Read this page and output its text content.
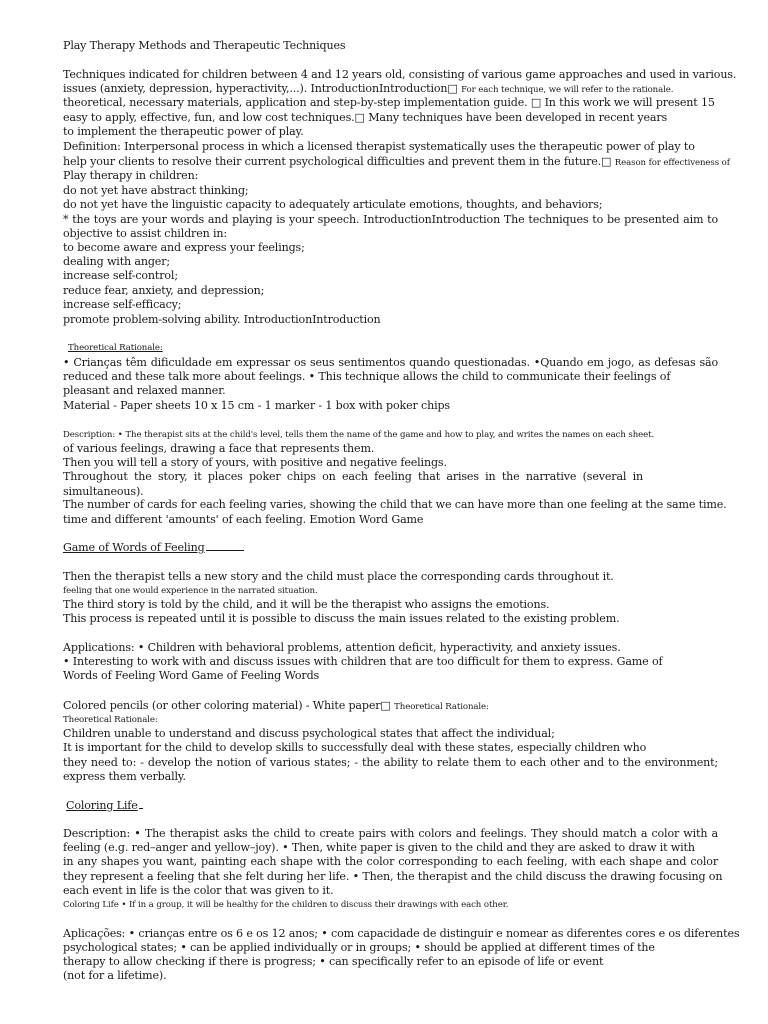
Play Therapy Methods and Therapeutic Techniques
Techniques indicated for children between 4 and 12 years old, consisting of various game approaches and used in various.
issues (anxiety, depression, hyperactivity,...). IntroductionIntroduction□ For each technique, we will refer to the rationale.
theoretical, necessary materials, application and step-by-step implementation guide. □ In this work we will present 15
easy to apply, effective, fun, and low cost techniques.□ Many techniques have been developed in recent years
to implement the therapeutic power of play.
Definition: Interpersonal process in which a licensed therapist systematically uses the therapeutic power of play to
help your clients to resolve their current psychological difficulties and prevent them in the future.□ Reason for effectiveness of
Play therapy in children:
do not yet have abstract thinking;
do not yet have the linguistic capacity to adequately articulate emotions, thoughts, and behaviors;
* the toys are your words and playing is your speech. IntroductionIntroduction The techniques to be presented aim to
objective to assist children in:
to become aware and express your feelings;
dealing with anger;
increase self-control;
reduce fear, anxiety, and depression;
increase self-efficacy;
promote problem-solving ability. IntroductionIntroduction
Theoretical Rationale:
• Crianças têm dificuldade em expressar os seus sentimentos quando questionadas. •Quando em jogo, as defesas são
reduced and these talk more about feelings. • This technique allows the child to communicate their feelings of
pleasant and relaxed manner.
Material - Paper sheets 10 x 15 cm - 1 marker - 1 box with poker chips
Description: • The therapist sits at the child's level, tells them the name of the game and how to play, and writes the names on each sheet.
of various feelings, drawing a face that represents them.
Then you will tell a story of yours, with positive and negative feelings.
Throughout the story, it places poker chips on each feeling that arises in the narrative (several in
simultaneous).
The number of cards for each feeling varies, showing the child that we can have more than one feeling at the same time.
time and different 'amounts' of each feeling. Emotion Word Game
Game of Words of Feeling
Then the therapist tells a new story and the child must place the corresponding cards throughout it.
feeling that one would experience in the narrated situation.
The third story is told by the child, and it will be the therapist who assigns the emotions.
This process is repeated until it is possible to discuss the main issues related to the existing problem.
Applications: • Children with behavioral problems, attention deficit, hyperactivity, and anxiety issues.
• Interesting to work with and discuss issues with children that are too difficult for them to express. Game of
Words of Feeling Word Game of Feeling Words
Colored pencils (or other coloring material) - White paper□ Theoretical Rationale:
Theoretical Rationale:
Children unable to understand and discuss psychological states that affect the individual;
It is important for the child to develop skills to successfully deal with these states, especially children who
they need to: - develop the notion of various states; - the ability to relate them to each other and to the environment;
express them verbally.
Coloring Life
Description: • The therapist asks the child to create pairs with colors and feelings. They should match a color with a
feeling (e.g. red–anger and yellow–joy). • Then, white paper is given to the child and they are asked to draw it with
in any shapes you want, painting each shape with the color corresponding to each feeling, with each shape and color
they represent a feeling that she felt during her life. • Then, the therapist and the child discuss the drawing focusing on
each event in life is the color that was given to it.
Coloring Life • If in a group, it will be healthy for the children to discuss their drawings with each other.
Aplicações: • crianças entre os 6 e os 12 anos; • com capacidade de distinguir e nomear as diferentes cores e os diferentes
psychological states; • can be applied individually or in groups; • should be applied at different times of the
therapy to allow checking if there is progress; • can specifically refer to an episode of life or event
(not for a lifetime).
